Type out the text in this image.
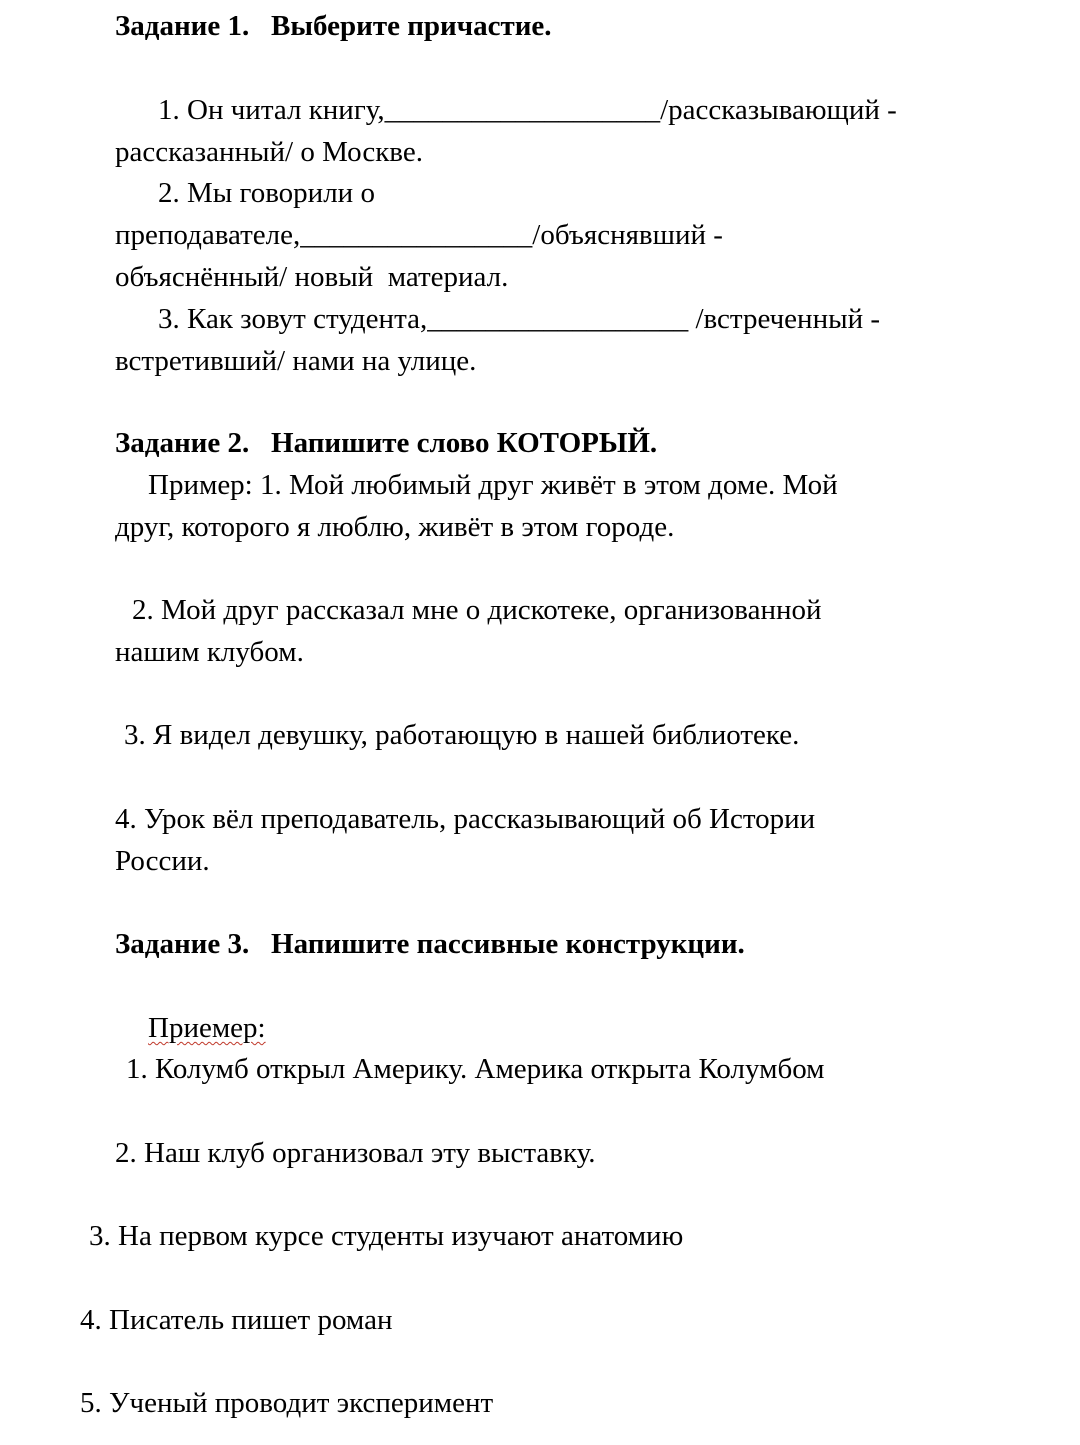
Задание 1.   Выберите причастие.
1. Он читал книгу,___________________/рассказывающий -
рассказанный/ о Москве.
2. Мы говорили о
преподавателе,________________/объяснявший -
объяснённый/ новый  материал.
3. Как зовут студента,__________________ /встреченный -
встретивший/ нами на улице.
Задание 2.   Напишите слово КОТОРЫЙ.
Пример: 1. Мой любимый друг живёт в этом доме. Мой
друг, которого я люблю, живёт в этом городе.
2. Мой друг рассказал мне о дискотеке, организованной
нашим клубом.
3. Я видел девушку, работающую в нашей библиотеке.
4. Урок вёл преподаватель, рассказывающий об Истории
России.
Задание 3.   Напишите пассивные конструкции.
Приемер:
1. Колумб открыл Америку. Америка открыта Колумбом
2. Наш клуб организовал эту выставку.
3. На первом курсе студенты изучают анатомию
4. Писатель пишет роман
5. Ученый проводит эксперимент
